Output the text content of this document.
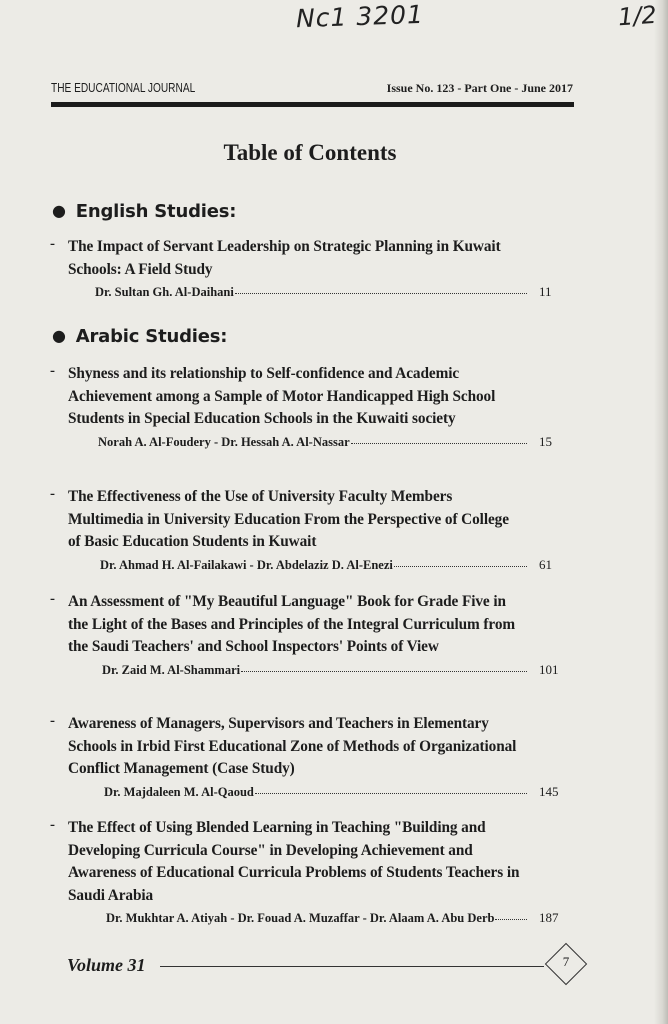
Nc1 3201	1/2
THE EDUCATIONAL JOURNAL	Issue No. 123 - Part One - June 2017
Table of Contents
● English Studies:
- The Impact of Servant Leadership on Strategic Planning in Kuwait Schools: A Field Study
Dr. Sultan Gh. Al-Daihani	11
● Arabic Studies:
- Shyness and its relationship to Self-confidence and Academic Achievement among a Sample of Motor Handicapped High School Students in Special Education Schools in the Kuwaiti society
Norah A. Al-Foudery - Dr. Hessah A. Al-Nassar	15
- The Effectiveness of the Use of University Faculty Members Multimedia in University Education From the Perspective of College of Basic Education Students in Kuwait
Dr. Ahmad H. Al-Failakawi - Dr. Abdelaziz D. Al-Enezi	61
- An Assessment of "My Beautiful Language" Book for Grade Five in the Light of the Bases and Principles of the Integral Curriculum from the Saudi Teachers' and School Inspectors' Points of View
Dr. Zaid M. Al-Shammari	101
- Awareness of Managers, Supervisors and Teachers in Elementary Schools in Irbid First Educational Zone of Methods of Organizational Conflict Management (Case Study)
Dr. Majdaleen M. Al-Qaoud	145
- The Effect of Using Blended Learning in Teaching "Building and Developing Curricula Course" in Developing Achievement and Awareness of Educational Curricula Problems of Students Teachers in Saudi Arabia
Dr. Mukhtar A. Atiyah - Dr. Fouad A. Muzaffar - Dr. Alaam A. Abu Derb	187
Volume 31	7
